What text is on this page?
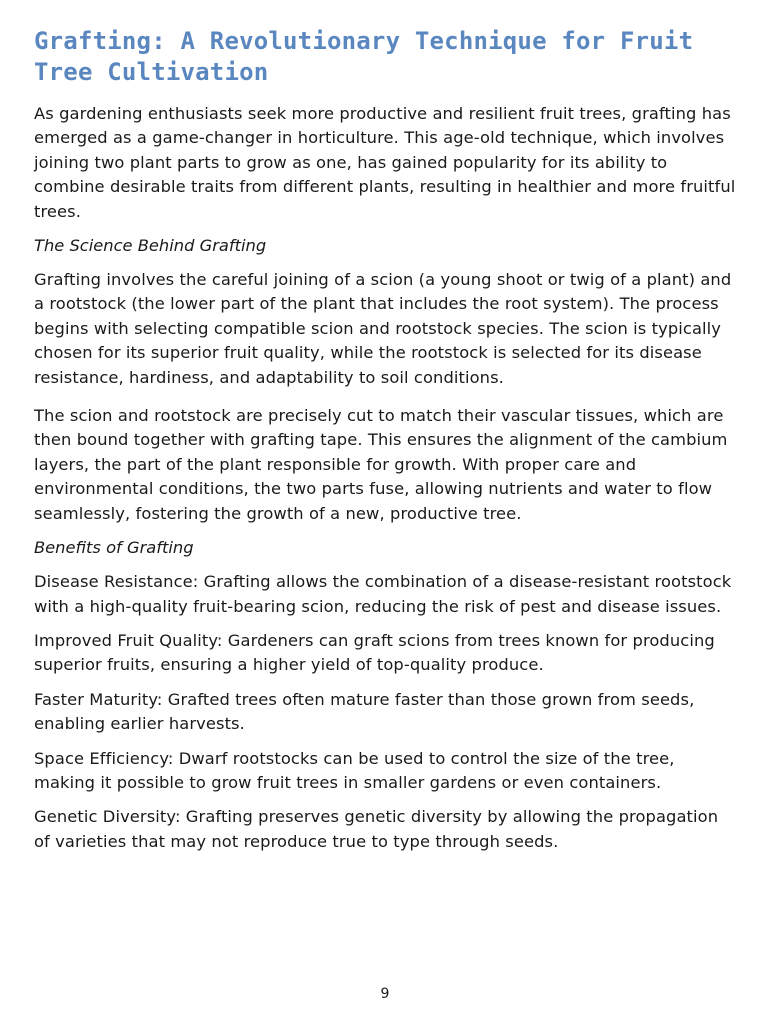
Grafting: A Revolutionary Technique for Fruit Tree Cultivation

As gardening enthusiasts seek more productive and resilient fruit trees, grafting has emerged as a game-changer in horticulture. This age-old technique, which involves joining two plant parts to grow as one, has gained popularity for its ability to combine desirable traits from different plants, resulting in healthier and more fruitful trees.

The Science Behind Grafting

Grafting involves the careful joining of a scion (a young shoot or twig of a plant) and a rootstock (the lower part of the plant that includes the root system). The process begins with selecting compatible scion and rootstock species. The scion is typically chosen for its superior fruit quality, while the rootstock is selected for its disease resistance, hardiness, and adaptability to soil conditions.

The scion and rootstock are precisely cut to match their vascular tissues, which are then bound together with grafting tape. This ensures the alignment of the cambium layers, the part of the plant responsible for growth. With proper care and environmental conditions, the two parts fuse, allowing nutrients and water to flow seamlessly, fostering the growth of a new, productive tree.

Benefits of Grafting

Disease Resistance: Grafting allows the combination of a disease-resistant rootstock with a high-quality fruit-bearing scion, reducing the risk of pest and disease issues.

Improved Fruit Quality: Gardeners can graft scions from trees known for producing superior fruits, ensuring a higher yield of top-quality produce.

Faster Maturity: Grafted trees often mature faster than those grown from seeds, enabling earlier harvests.

Space Efficiency: Dwarf rootstocks can be used to control the size of the tree, making it possible to grow fruit trees in smaller gardens or even containers.

Genetic Diversity: Grafting preserves genetic diversity by allowing the propagation of varieties that may not reproduce true to type through seeds.

9
